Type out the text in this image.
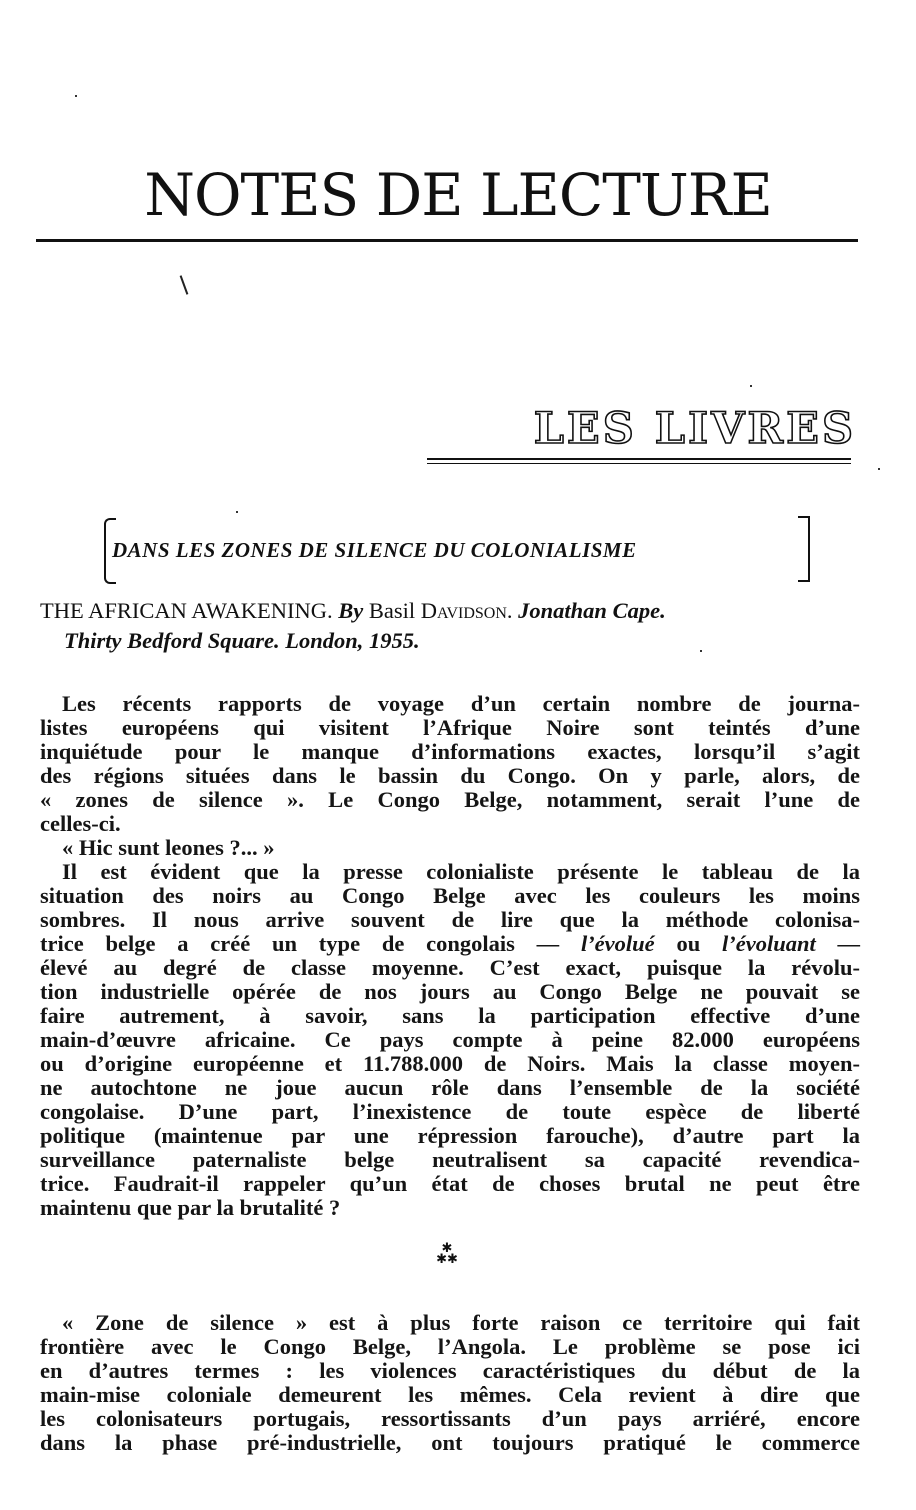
NOTES DE LECTURE
LES LIVRES
DANS LES ZONES DE SILENCE DU COLONIALISME
THE AFRICAN AWAKENING. By Basil Davidson. Jonathan Cape.
Thirty Bedford Square. London, 1955.
Les récents rapports de voyage d’un certain nombre de journa-
listes européens qui visitent l’Afrique Noire sont teintés d’une
inquiétude pour le manque d’informations exactes, lorsqu’il s’agit
des régions situées dans le bassin du Congo. On y parle, alors, de
« zones de silence ». Le Congo Belge, notamment, serait l’une de
celles-ci.
« Hic sunt leones ?... »
Il est évident que la presse colonialiste présente le tableau de la
situation des noirs au Congo Belge avec les couleurs les moins
sombres. Il nous arrive souvent de lire que la méthode colonisa-
trice belge a créé un type de congolais — l’évolué ou l’évoluant —
élevé au degré de classe moyenne. C’est exact, puisque la révolu-
tion industrielle opérée de nos jours au Congo Belge ne pouvait se
faire autrement, à savoir, sans la participation effective d’une
main-d’œuvre africaine. Ce pays compte à peine 82.000 européens
ou d’origine européenne et 11.788.000 de Noirs. Mais la classe moyen-
ne autochtone ne joue aucun rôle dans l’ensemble de la société
congolaise. D’une part, l’inexistence de toute espèce de liberté
politique (maintenue par une répression farouche), d’autre part la
surveillance paternaliste belge neutralisent sa capacité revendica-
trice. Faudrait-il rappeler qu’un état de choses brutal ne peut être
maintenu que par la brutalité ?
✱
✱✱
« Zone de silence » est à plus forte raison ce territoire qui fait
frontière avec le Congo Belge, l’Angola. Le problème se pose ici
en d’autres termes : les violences caractéristiques du début de la
main-mise coloniale demeurent les mêmes. Cela revient à dire que
les colonisateurs portugais, ressortissants d’un pays arriéré, encore
dans la phase pré-industrielle, ont toujours pratiqué le commerce
